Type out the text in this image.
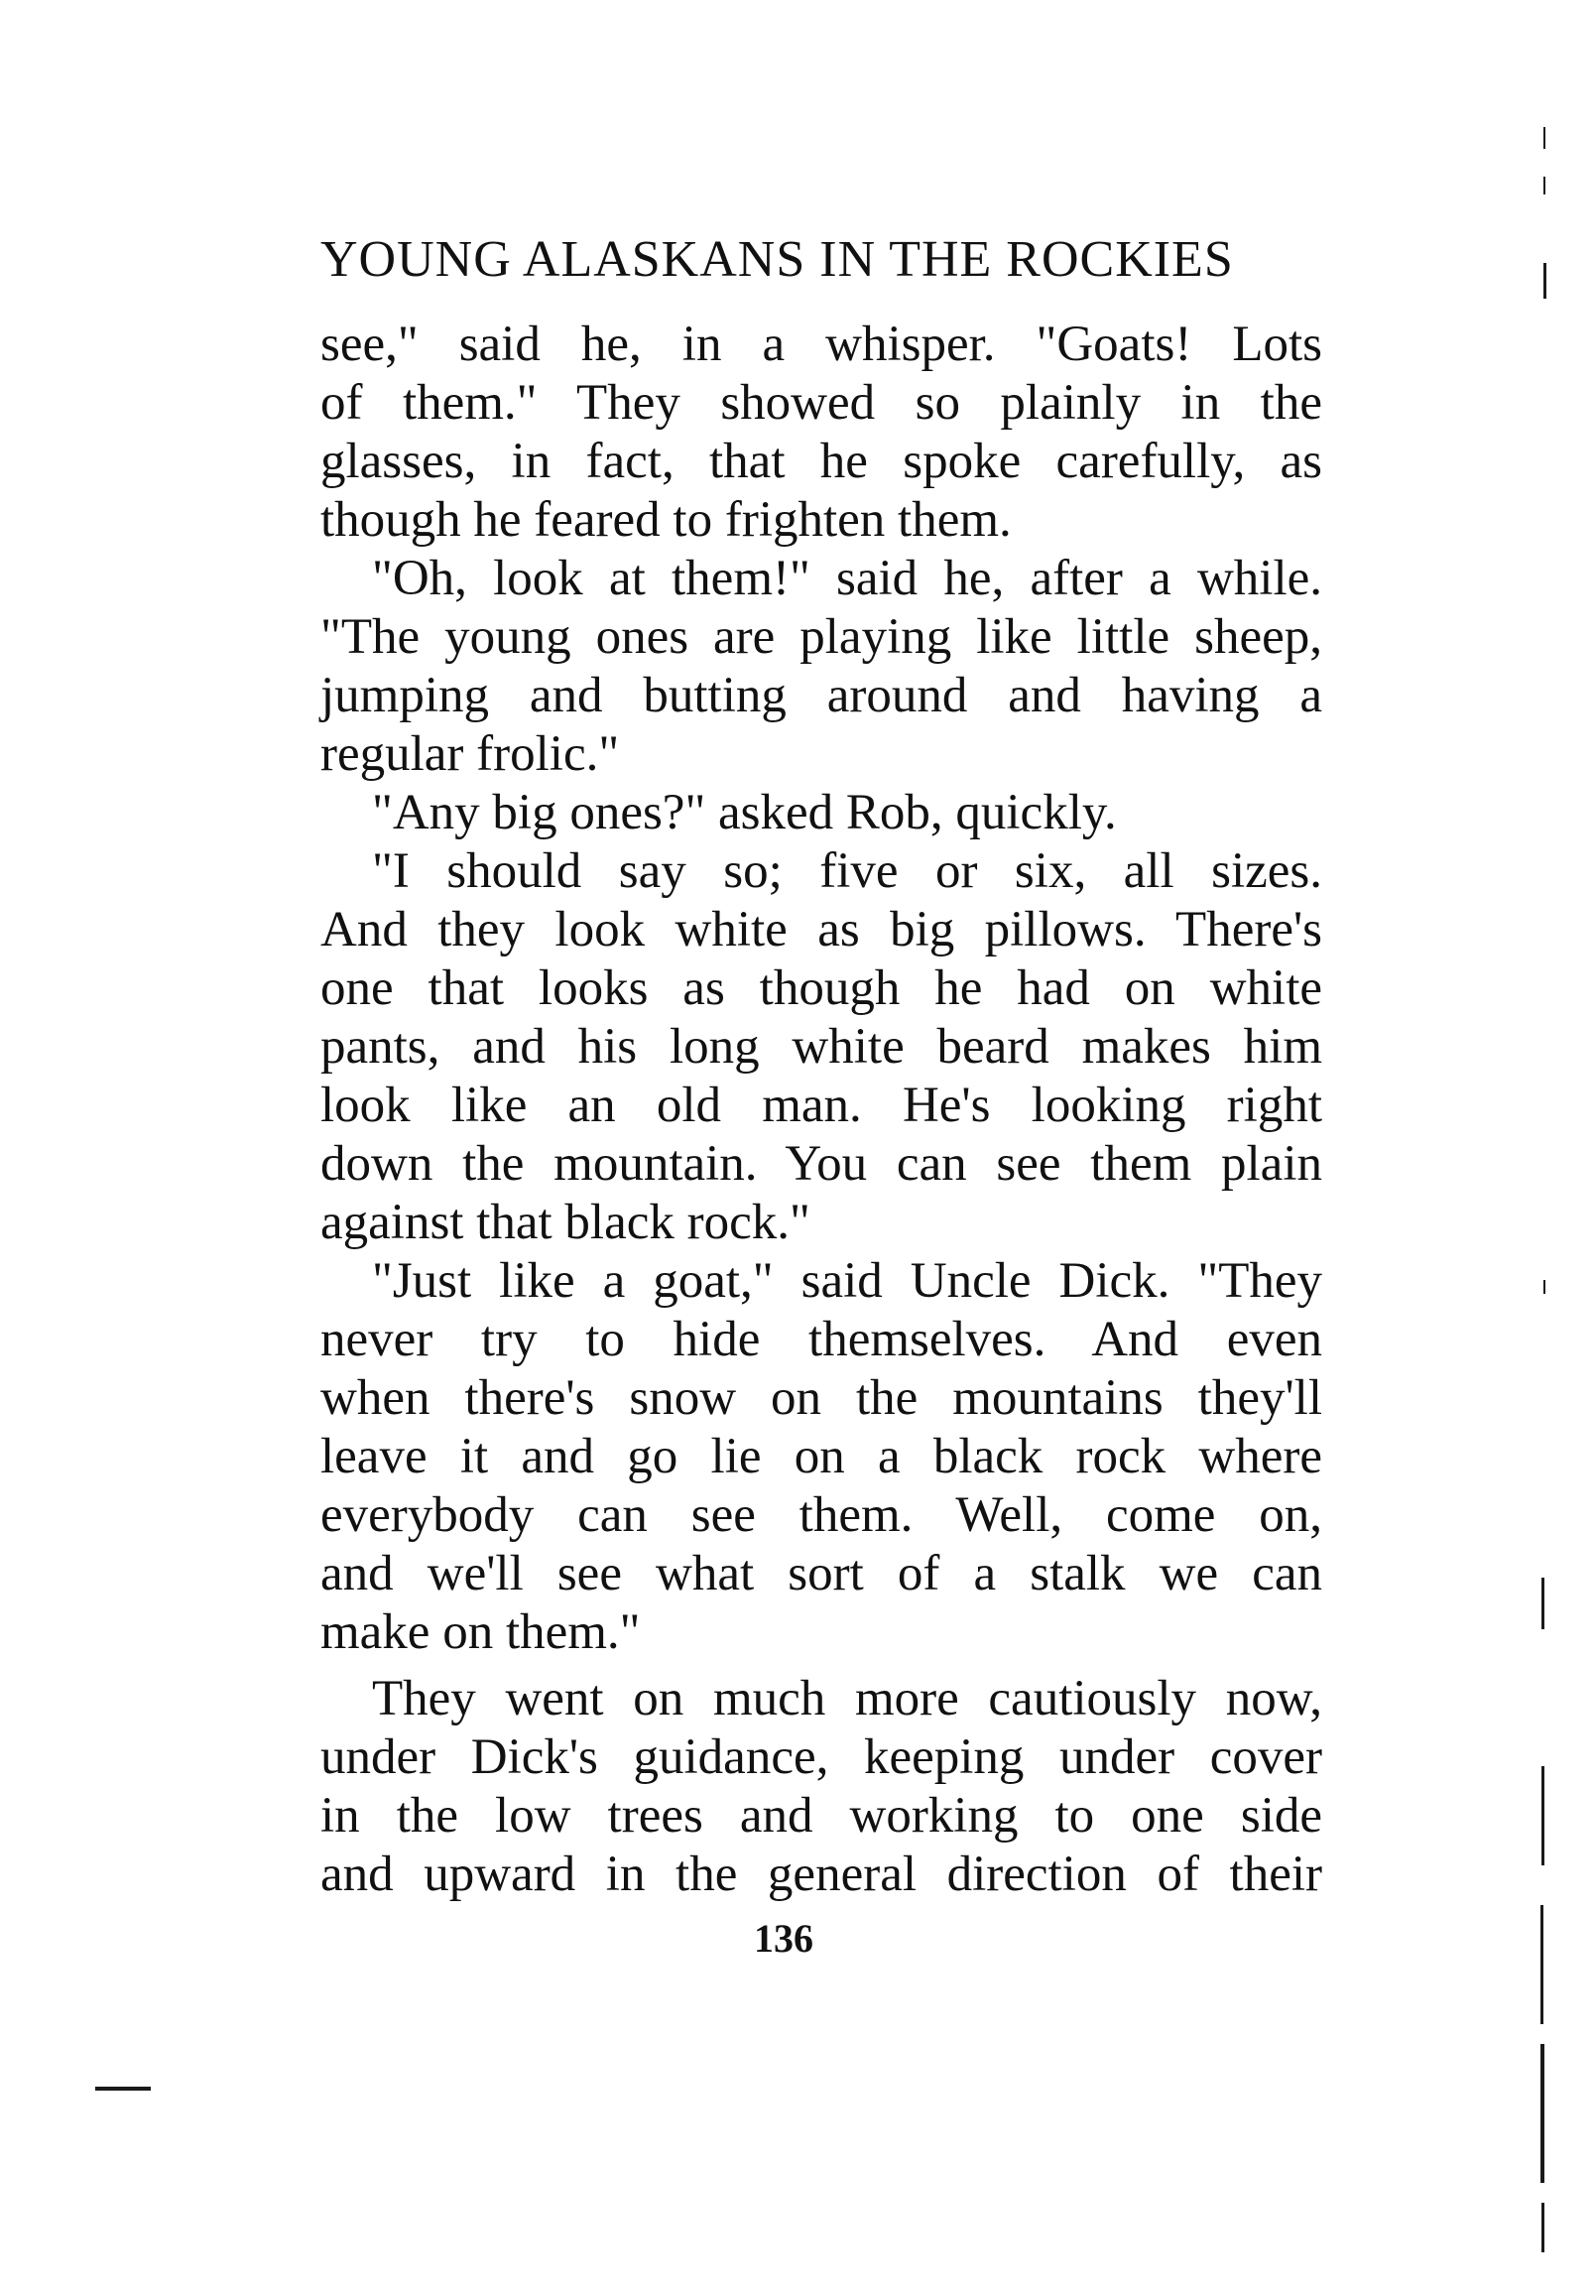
YOUNG ALASKANS IN THE ROCKIES
see," said he, in a whisper. "Goats! Lots
of them." They showed so plainly in the
glasses, in fact, that he spoke carefully, as
though he feared to frighten them.
"Oh, look at them!" said he, after a while.
"The young ones are playing like little sheep,
jumping and butting around and having a
regular frolic."
"Any big ones?" asked Rob, quickly.
"I should say so; five or six, all sizes.
And they look white as big pillows. There's
one that looks as though he had on white
pants, and his long white beard makes him
look like an old man. He's looking right
down the mountain. You can see them plain
against that black rock."
"Just like a goat," said Uncle Dick. "They
never try to hide themselves. And even
when there's snow on the mountains they'll
leave it and go lie on a black rock where
everybody can see them. Well, come on,
and we'll see what sort of a stalk we can
make on them."
They went on much more cautiously now,
under Dick's guidance, keeping under cover
in the low trees and working to one side
and upward in the general direction of their
136
